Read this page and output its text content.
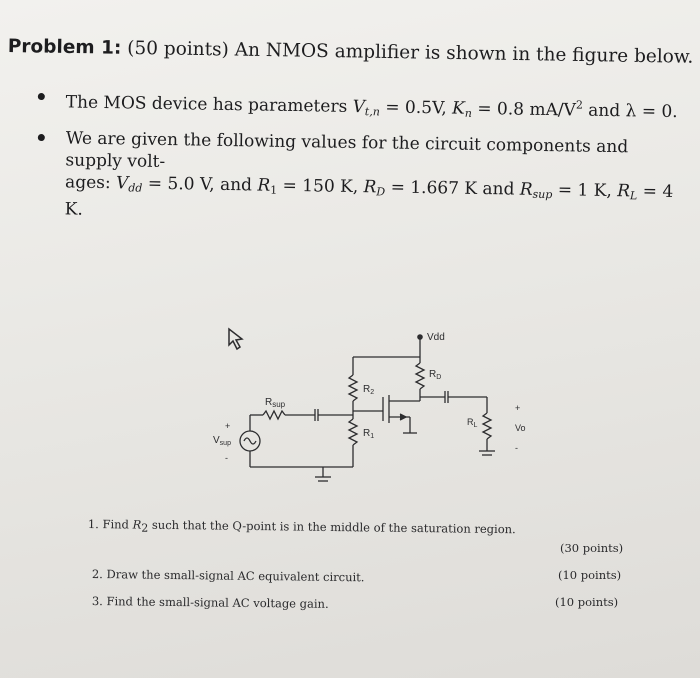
Problem 1: (50 points) An NMOS amplifier is shown in the figure below.
The MOS device has parameters $V_{t,n} = 0.5V$, $K_n = 0.8$ $mA/V^2$ and λ = 0.
We are given the following values for the circuit components and supply volt-
ages: $V_{dd} = 5.0$ V, and $R_1 = 150$ K, $R_D = 1.667$ K and $R_{sup} = 1$ K, $R_L = 4$ K.
Vdd
$R_D$
$R_2$
$R_1$
$R_{sup}$
$R_L$
$V_{sup}$
+
-
Vo
+
-
1. Find R2 such that the Q-point is in the middle of the saturation region.
(30 points)
2. Draw the small-signal AC equivalent circuit.	(10 points)
3. Find the small-signal AC voltage gain.	(10 points)
